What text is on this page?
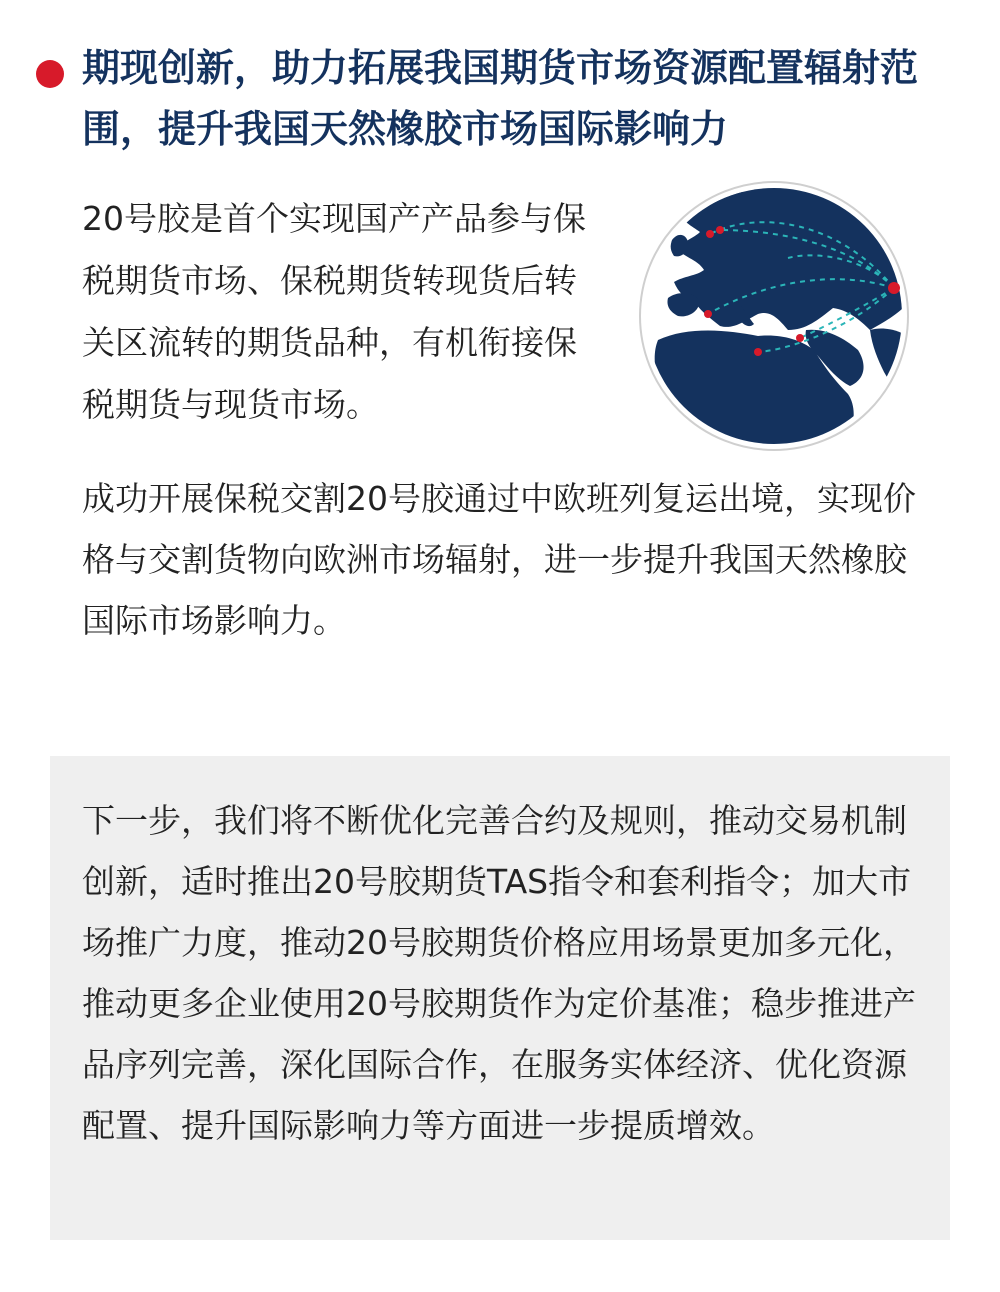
期现创新，助力拓展我国期货市场资源配置辐射范围，提升我国天然橡胶市场国际影响力
20号胶是首个实现国产产品参与保税期货市场、保税期货转现货后转关区流转的期货品种，有机衔接保税期货与现货市场。
成功开展保税交割20号胶通过中欧班列复运出境，实现价格与交割货物向欧洲市场辐射，进一步提升我国天然橡胶国际市场影响力。
下一步，我们将不断优化完善合约及规则，推动交易机制创新，适时推出20号胶期货TAS指令和套利指令；加大市场推广力度，推动20号胶期货价格应用场景更加多元化，推动更多企业使用20号胶期货作为定价基准；稳步推进产品序列完善，深化国际合作，在服务实体经济、优化资源配置、提升国际影响力等方面进一步提质增效。
